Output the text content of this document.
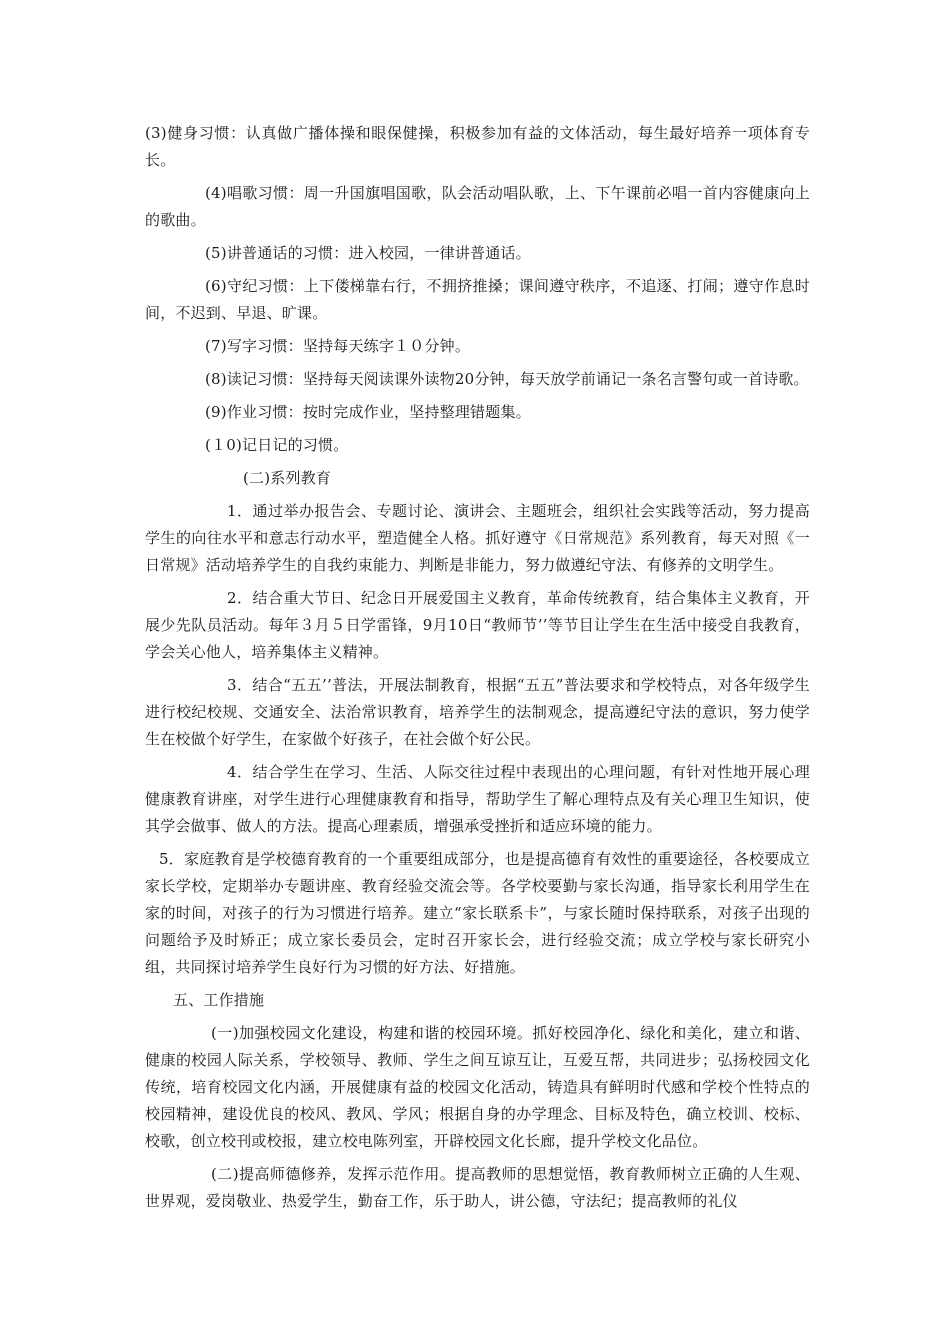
(3)健身习惯：认真做广播体操和眼保健操，积极参加有益的文体活动，每生最好培养一项体育专长。

(4)唱歌习惯：周一升国旗唱国歌，队会活动唱队歌，上、下午课前必唱一首内容健康向上的歌曲。

(5)讲普通话的习惯：进入校园，一律讲普通话。

(6)守纪习惯：上下偻梯靠右行，不拥挤推搡；课间遵守秩序，不追逐、打闹；遵守作息时间，不迟到、早退、旷课。

(7)写字习惯：坚持每天练字１０分钟。

(8)读记习惯：坚持每天阅读课外读物20分钟，每天放学前诵记一条名言警句或一首诗歌。

(9)作业习惯：按时完成作业，坚持整理错题集。

(１0)记日记的习惯。

(二)系列教育

1．通过举办报告会、专题讨论、演讲会、主题班会，组织社会实践等活动，努力提高学生的向往水平和意志行动水平，塑造健全人格。抓好遵守《日常规范》系列教育，每天对照《一日常规》活动培养学生的自我约束能力、判断是非能力，努力做遵纪守法、有修养的文明学生。

2．结合重大节日、纪念日开展爱国主义教育，革命传统教育，结合集体主义教育，开展少先队员活动。每年３月５日学雷锋，9月10日“教师节’’等节目让学生在生活中接受自我教育，学会关心他人，培养集体主义精神。

3．结合“五五’’普法，开展法制教育，根据“五五”普法要求和学校特点，对各年级学生进行校纪校规、交通安全、法治常识教育，培养学生的法制观念，提高遵纪守法的意识，努力使学生在校做个好学生，在家做个好孩子，在社会做个好公民。

4．结合学生在学习、生活、人际交往过程中表现出的心理问题，有针对性地开展心理健康教育讲座，对学生进行心理健康教育和指导，帮助学生了解心理特点及有关心理卫生知识，使其学会做事、做人的方法。提高心理素质，增强承受挫折和适应环境的能力。

5．家庭教育是学校德育教育的一个重要组成部分，也是提高德育有效性的重要途径，各校要成立家长学校，定期举办专题讲座、教育经验交流会等。各学校要勤与家长沟通，指导家长利用学生在家的时间，对孩子的行为习惯进行培养。建立“家长联系卡”，与家长随时保持联系，对孩子出现的问题给予及时矫正；成立家长委员会，定时召开家长会，进行经验交流；成立学校与家长研究小组，共同探讨培养学生良好行为习惯的好方法、好措施。

五、工作措施

(一)加强校园文化建设，构建和谐的校园环境。抓好校园净化、绿化和美化，建立和谐、健康的校园人际关系，学校领导、教师、学生之间互谅互让，互爱互帮，共同进步；弘扬校园文化传统，培育校园文化内涵，开展健康有益的校园文化活动，铸造具有鲜明时代感和学校个性特点的校园精神，建设优良的校风、教风、学风；根据自身的办学理念、目标及特色，确立校训、校标、校歌，创立校刊或校报，建立校电陈列室，开辟校园文化长廊，提升学校文化品位。

(二)提高师德修养，发挥示范作用。提高教师的思想觉悟，教育教师树立正确的人生观、世界观，爱岗敬业、热爱学生，勤奋工作，乐于助人，讲公德，守法纪；提高教师的礼仪
